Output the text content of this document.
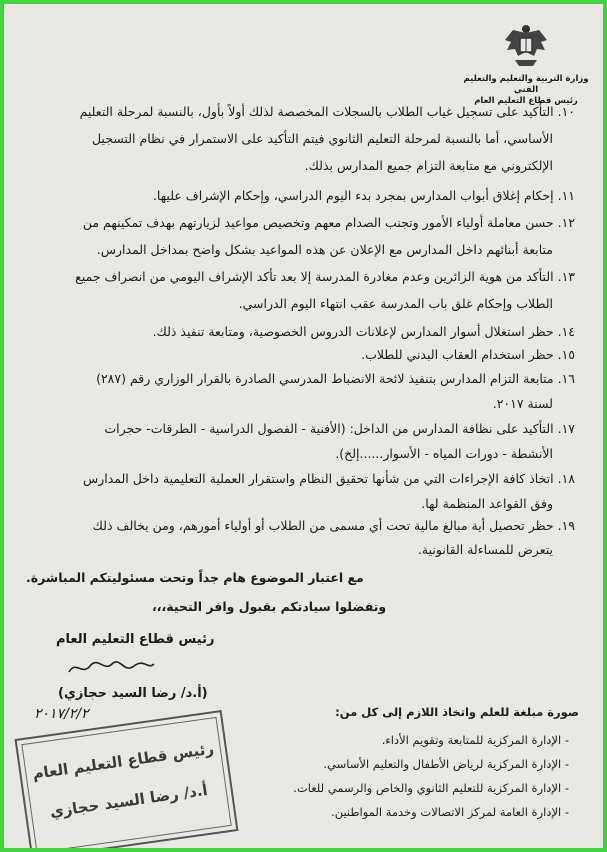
وزارة التربية والتعليم والتعليم الفني
رئيس قطاع التعليم العام
١٠. التأكيد على تسجيل غياب الطلاب بالسجلات المخصصة لذلك أولاً بأول، بالنسبة لمرحلة التعليم
الأساسي، أما بالنسبة لمرحلة التعليم الثانوي فيتم التأكيد على الاستمرار في نظام التسجيل
الإلكتروني مع متابعة التزام جميع المدارس بذلك.
١١. إحكام إغلاق أبواب المدارس بمجرد بدء اليوم الدراسي، وإحكام الإشراف عليها.
١٢. حسن معاملة أولياء الأمور وتجنب الصدام معهم وتخصيص مواعيد لزيارتهم بهدف تمكينهم من
متابعة أبنائهم داخل المدارس مع الإعلان عن هذه المواعيد بشكل واضح بمداخل المدارس.
١٣. التأكد من هوية الزائرين وعدم مغادرة المدرسة إلا بعد تأكد الإشراف اليومي من انصراف جميع
الطلاب وإحكام غلق باب المدرسة عقب انتهاء اليوم الدراسي.
١٤. حظر استغلال أسوار المدارس لإعلانات الدروس الخصوصية، ومتابعة تنفيذ ذلك.
١٥. حظر استخدام العقاب البدني للطلاب.
١٦. متابعة التزام المدارس بتنفيذ لائحة الانضباط المدرسي الصادرة بالقرار الوزاري رقم (٢٨٧)
لسنة ٢٠١٧.
١٧. التأكيد على نظافة المدارس من الداخل: (الأفنية - الفصول الدراسية - الطرقات- حجرات
الأنشطة - دورات المياه - الأسوار......إلخ).
١٨. اتخاذ كافة الإجراءات التي من شأنها تحقيق النظام واستقرار العملية التعليمية داخل المدارس
وفق القواعد المنظمة لها.
١٩. حظر تحصيل أية مبالغ مالية تحت أي مسمى من الطلاب أو أولياء أمورهم، ومن يخالف ذلك
يتعرض للمساءلة القانونية.
مع اعتبار الموضوع هام جداً وتحت مسئوليتكم المباشرة.
وتفضلوا سيادتكم بقبول وافر التحية،،،
رئيس قطاع التعليم العام
(أ.د/ رضا السيد حجازي)
٢٠١٧/٢/٢	صورة مبلغة للعلم واتخاذ اللازم إلى كل من:
- الإدارة المركزية للمتابعة وتقويم الأداء.
- الإدارة المركزية لرياض الأطفال والتعليم الأساسي.
- الإدارة المركزية للتعليم الثانوي والخاص والرسمي للغات.
- الإدارة العامة لمركز الاتصالات وخدمة المواطنين.
رئيس قطاع التعليم العام
أ.د/ رضا السيد حجازي
